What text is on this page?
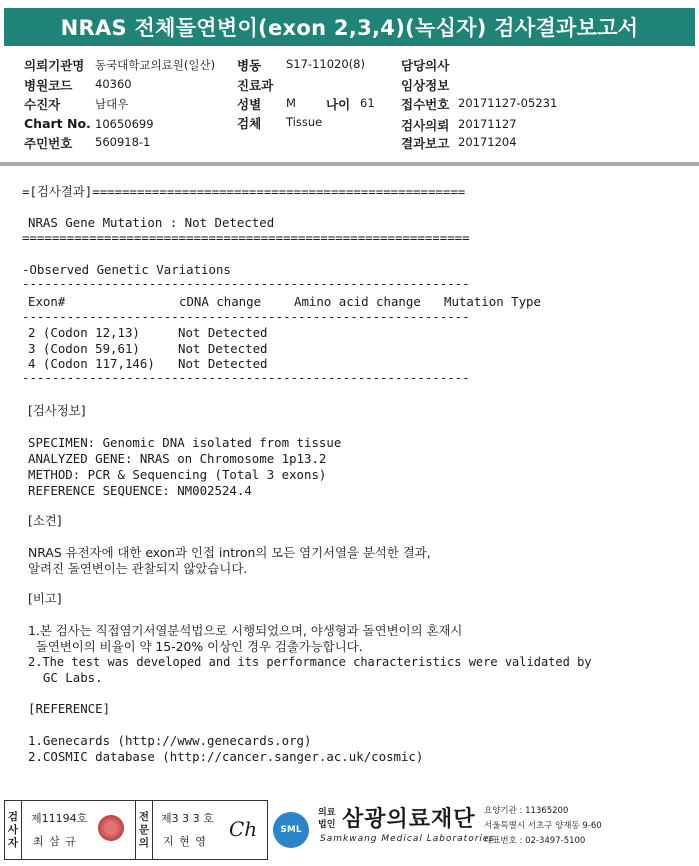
NRAS 전체돌연변이(exon 2,3,4)(녹십자) 검사결과보고서
의뢰기관명 동국대학교의료원(일산)
병원코드 40360
수진자	남대우
Chart No. 10650699
주민번호 560918-1
병동 S17-11020(8)
진료과
성별 M 나이 61
검체 Tissue
담당의사
임상정보
접수번호 20171127-05231
검사의뢰 20171127
결과보고 20171204
=[검사결과]==================================================
NRAS Gene Mutation : Not Detected
============================================================
-Observed Genetic Variations
------------------------------------------------------------
Exon#	cDNA change	Amino acid change Mutation Type
------------------------------------------------------------
2 (Codon 12,13)	Not Detected
3 (Codon 59,61)	Not Detected
4 (Codon 117,146) Not Detected
------------------------------------------------------------
[검사정보]
SPECIMEN: Genomic DNA isolated from tissue
ANALYZED GENE: NRAS on Chromosome 1p13.2
METHOD: PCR & Sequencing (Total 3 exons)
REFERENCE SEQUENCE: NM002524.4
[소견]
NRAS 유전자에 대한 exon과 인접 intron의 모든 염기서열을 분석한 결과,
알려진 돌연변이는 관찰되지 않았습니다.
[비고]
1.본 검사는 직접염기서열분석법으로 시행되었으며, 야생형과 돌연변이의 혼재시
돌연변이의 비율이 약 15-20% 이상인 경우 검출가능합니다.
2.The test was developed and its performance characteristics were validated by
GC Labs.
[REFERENCE]
1.Genecards (http://www.genecards.org)
2.COSMIC database (http://cancer.sanger.ac.uk/cosmic)
검사자
제11194호
최 삼 규
전문의
제3 3 3 호
지 현 영
Ch	SML
의료
법인 삼광의료재단
Samkwang Medical Laboratories
요양기관 : 11365200
서울특별시 서초구 양재동 9-60
대표번호 : 02-3497-5100
